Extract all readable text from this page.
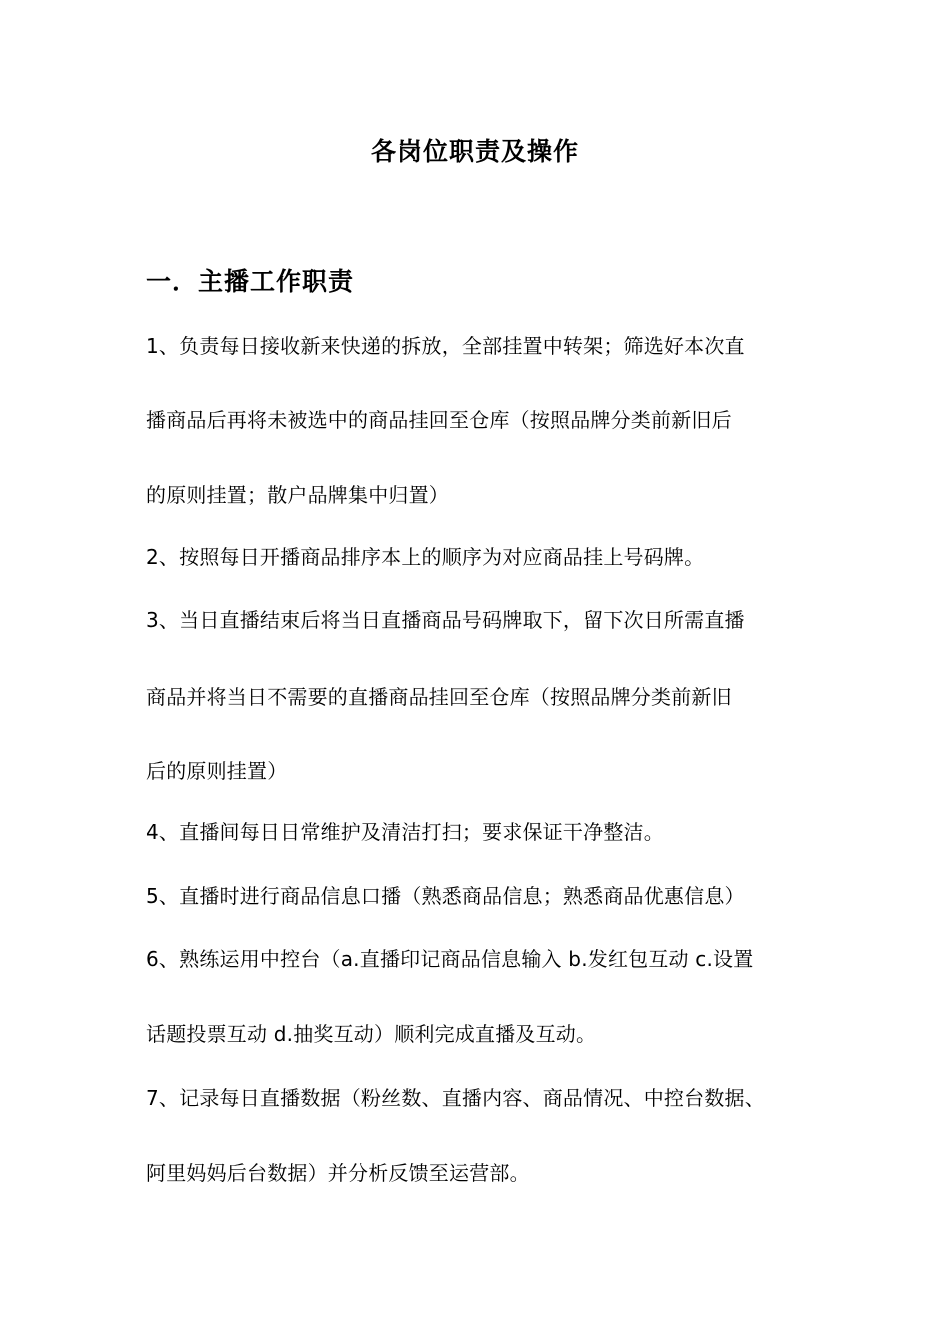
各岗位职责及操作
一．主播工作职责

1、负责每日接收新来快递的拆放，全部挂置中转架；筛选好本次直

播商品后再将未被选中的商品挂回至仓库（按照品牌分类前新旧后

的原则挂置；散户品牌集中归置）

2、按照每日开播商品排序本上的顺序为对应商品挂上号码牌。

3、当日直播结束后将当日直播商品号码牌取下，留下次日所需直播

商品并将当日不需要的直播商品挂回至仓库（按照品牌分类前新旧

后的原则挂置）

4、直播间每日日常维护及清洁打扫；要求保证干净整洁。

5、直播时进行商品信息口播（熟悉商品信息；熟悉商品优惠信息）

6、熟练运用中控台（a.直播印记商品信息输入 b.发红包互动 c.设置

话题投票互动 d.抽奖互动）顺利完成直播及互动。

7、记录每日直播数据（粉丝数、直播内容、商品情况、中控台数据、

阿里妈妈后台数据）并分析反馈至运营部。
